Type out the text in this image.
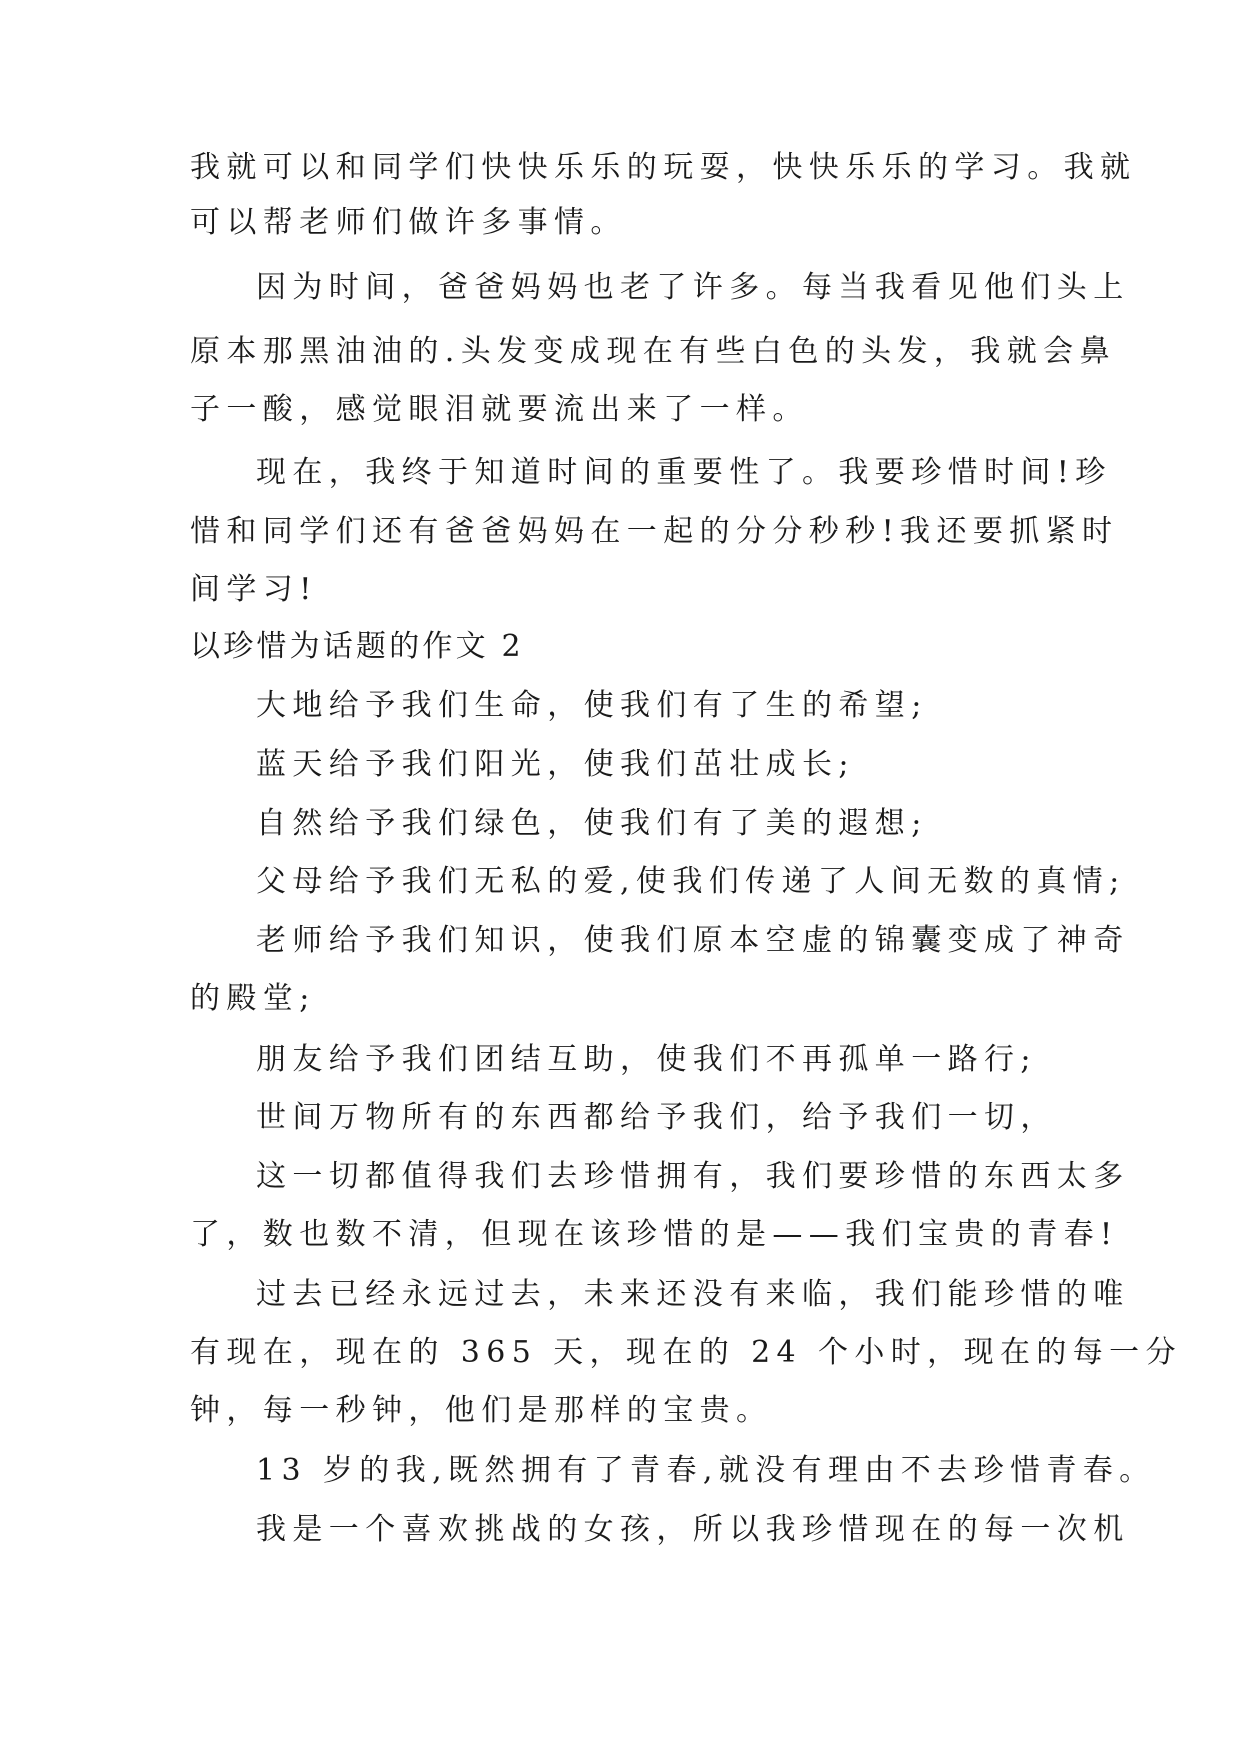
我就可以和同学们快快乐乐的玩耍，快快乐乐的学习。我就
可以帮老师们做许多事情。
因为时间，爸爸妈妈也老了许多。每当我看见他们头上
原本那黑油油的.头发变成现在有些白色的头发，我就会鼻
子一酸，感觉眼泪就要流出来了一样。
现在，我终于知道时间的重要性了。我要珍惜时间!珍
惜和同学们还有爸爸妈妈在一起的分分秒秒!我还要抓紧时
间学习!
以珍惜为话题的作文 2
大地给予我们生命，使我们有了生的希望;
蓝天给予我们阳光，使我们茁壮成长;
自然给予我们绿色，使我们有了美的遐想;
父母给予我们无私的爱,使我们传递了人间无数的真情;
老师给予我们知识，使我们原本空虚的锦囊变成了神奇
的殿堂;
朋友给予我们团结互助，使我们不再孤单一路行;
世间万物所有的东西都给予我们，给予我们一切，
这一切都值得我们去珍惜拥有，我们要珍惜的东西太多
了，数也数不清，但现在该珍惜的是——我们宝贵的青春!
过去已经永远过去，未来还没有来临，我们能珍惜的唯
有现在，现在的 365 天，现在的 24 个小时，现在的每一分
钟，每一秒钟，他们是那样的宝贵。
13 岁的我,既然拥有了青春,就没有理由不去珍惜青春。
我是一个喜欢挑战的女孩，所以我珍惜现在的每一次机
